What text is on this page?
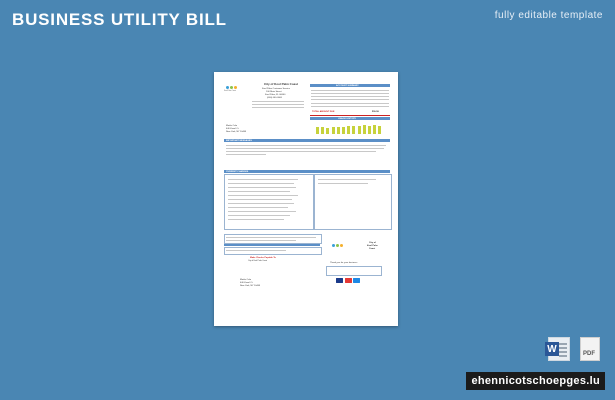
BUSINESS UTILITY BILL	fully editable template
Kool Palm Coast
City of Kool Palm Coast
Kool Palm Customer Service
100 Main Street
Kool Palm, FL 00000
(000) 000-0000
ACCOUNT SUMMARY
TOTAL AMOUNT DUE	$59.58
Marlin Cole
440 Kozel Ct
New York, NY 10465
USAGE HISTORY
IMPORTANT MESSAGES
CURRENT CHARGES
City of
Kool Palm
Coast
Make Checks Payable To
City of Kool Palm Coast
Thank you for your business
Marlin Cole
440 Kozel Ct
New York, NY 10465
W	PDF
ehennicotschoepges.lu
